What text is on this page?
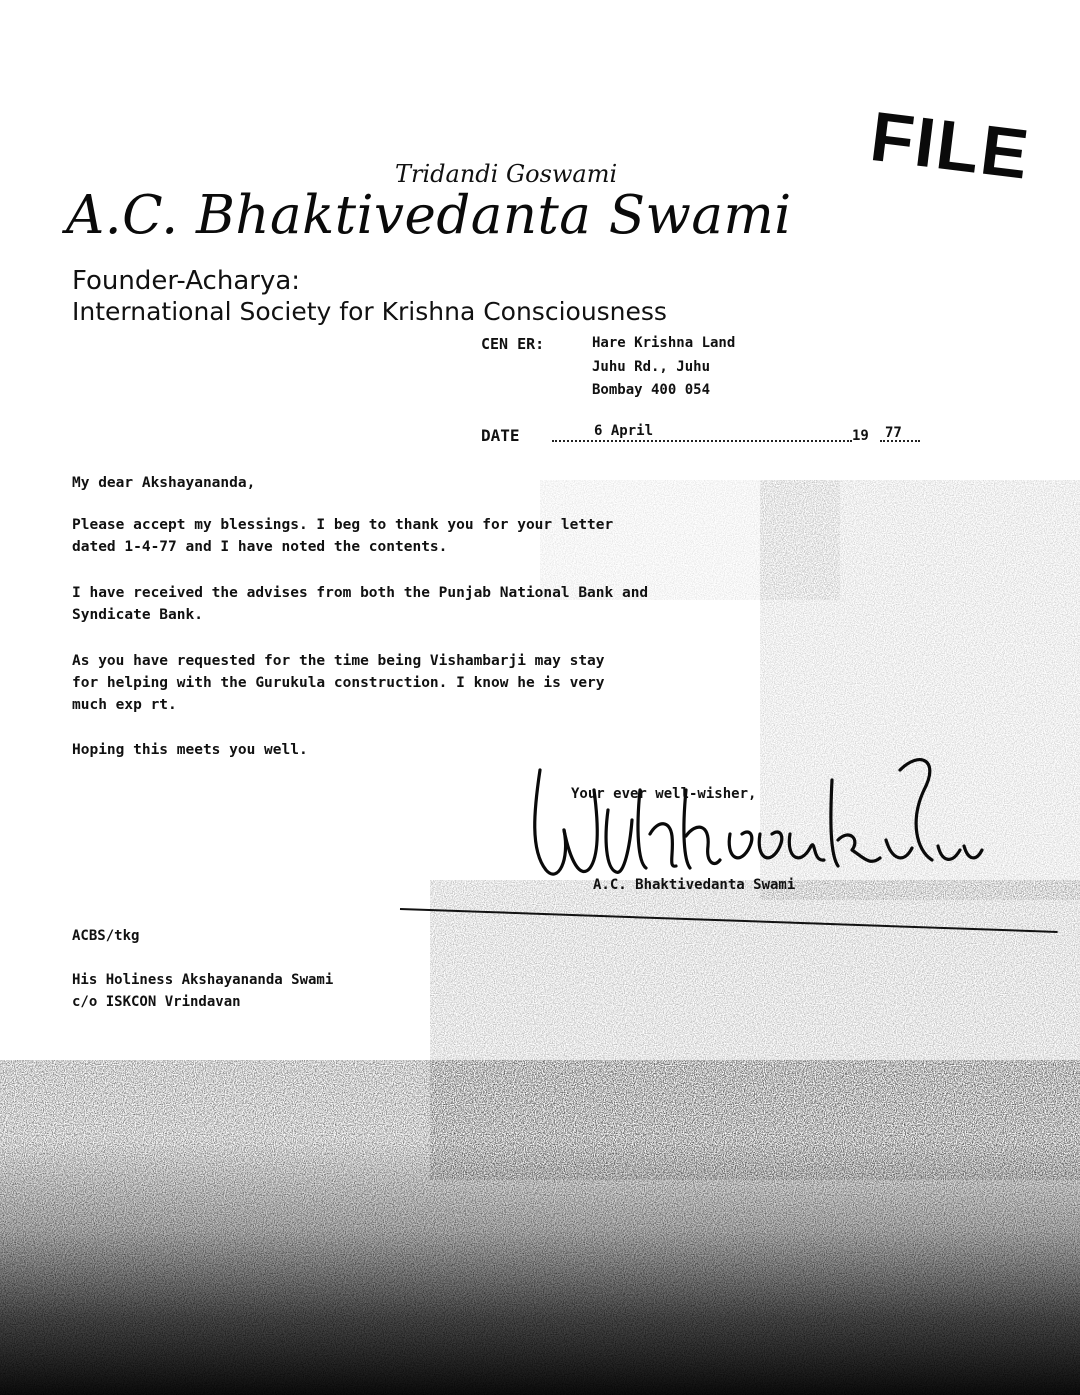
FILE
Tridandi Goswami
A.C. Bhaktivedanta Swami
Founder-Acharya:
International Society for Krishna Consciousness
CEN ER:	Hare Krishna Land
Juhu Rd., Juhu
Bombay 400 054
DATE	6 April	19 77
My dear Akshayananda,
Please accept my blessings. I beg to thank you for your letter
dated 1-4-77 and I have noted the contents.
I have received the advises from both the Punjab National Bank and
Syndicate Bank.
As you have requested for the time being Vishambarji may stay
for helping with the Gurukula construction. I know he is very
much exp rt.
Hoping this meets you well.
Your ever well-wisher,
A.C. Bhaktivedanta Swami
ACBS/tkg
His Holiness Akshayananda Swami
c/o ISKCON Vrindavan
